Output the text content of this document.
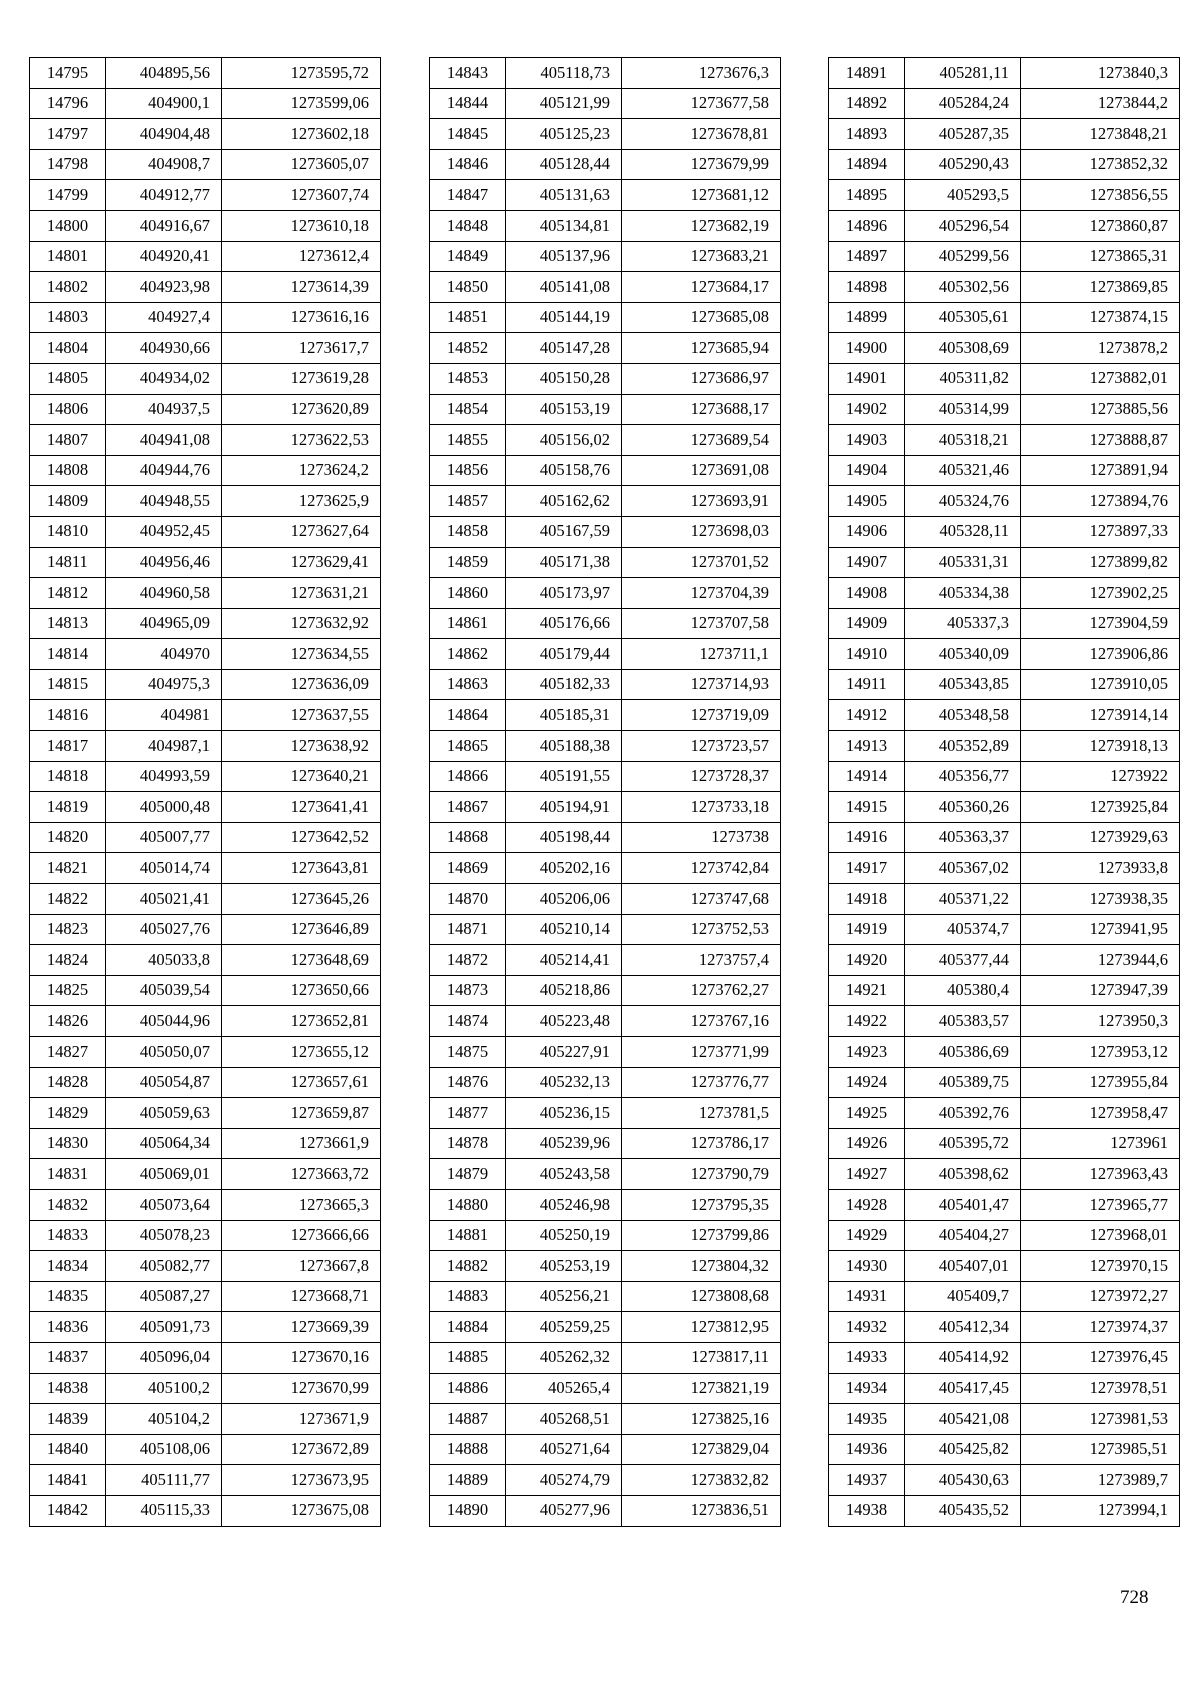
14795	404895,56	1273595,72
14796	404900,1	1273599,06
14797	404904,48	1273602,18
14798	404908,7	1273605,07
14799	404912,77	1273607,74
14800	404916,67	1273610,18
14801	404920,41	1273612,4
14802	404923,98	1273614,39
14803	404927,4	1273616,16
14804	404930,66	1273617,7
14805	404934,02	1273619,28
14806	404937,5	1273620,89
14807	404941,08	1273622,53
14808	404944,76	1273624,2
14809	404948,55	1273625,9
14810	404952,45	1273627,64
14811	404956,46	1273629,41
14812	404960,58	1273631,21
14813	404965,09	1273632,92
14814	404970	1273634,55
14815	404975,3	1273636,09
14816	404981	1273637,55
14817	404987,1	1273638,92
14818	404993,59	1273640,21
14819	405000,48	1273641,41
14820	405007,77	1273642,52
14821	405014,74	1273643,81
14822	405021,41	1273645,26
14823	405027,76	1273646,89
14824	405033,8	1273648,69
14825	405039,54	1273650,66
14826	405044,96	1273652,81
14827	405050,07	1273655,12
14828	405054,87	1273657,61
14829	405059,63	1273659,87
14830	405064,34	1273661,9
14831	405069,01	1273663,72
14832	405073,64	1273665,3
14833	405078,23	1273666,66
14834	405082,77	1273667,8
14835	405087,27	1273668,71
14836	405091,73	1273669,39
14837	405096,04	1273670,16
14838	405100,2	1273670,99
14839	405104,2	1273671,9
14840	405108,06	1273672,89
14841	405111,77	1273673,95
14842	405115,33	1273675,08
14843	405118,73	1273676,3
14844	405121,99	1273677,58
14845	405125,23	1273678,81
14846	405128,44	1273679,99
14847	405131,63	1273681,12
14848	405134,81	1273682,19
14849	405137,96	1273683,21
14850	405141,08	1273684,17
14851	405144,19	1273685,08
14852	405147,28	1273685,94
14853	405150,28	1273686,97
14854	405153,19	1273688,17
14855	405156,02	1273689,54
14856	405158,76	1273691,08
14857	405162,62	1273693,91
14858	405167,59	1273698,03
14859	405171,38	1273701,52
14860	405173,97	1273704,39
14861	405176,66	1273707,58
14862	405179,44	1273711,1
14863	405182,33	1273714,93
14864	405185,31	1273719,09
14865	405188,38	1273723,57
14866	405191,55	1273728,37
14867	405194,91	1273733,18
14868	405198,44	1273738
14869	405202,16	1273742,84
14870	405206,06	1273747,68
14871	405210,14	1273752,53
14872	405214,41	1273757,4
14873	405218,86	1273762,27
14874	405223,48	1273767,16
14875	405227,91	1273771,99
14876	405232,13	1273776,77
14877	405236,15	1273781,5
14878	405239,96	1273786,17
14879	405243,58	1273790,79
14880	405246,98	1273795,35
14881	405250,19	1273799,86
14882	405253,19	1273804,32
14883	405256,21	1273808,68
14884	405259,25	1273812,95
14885	405262,32	1273817,11
14886	405265,4	1273821,19
14887	405268,51	1273825,16
14888	405271,64	1273829,04
14889	405274,79	1273832,82
14890	405277,96	1273836,51
14891	405281,11	1273840,3
14892	405284,24	1273844,2
14893	405287,35	1273848,21
14894	405290,43	1273852,32
14895	405293,5	1273856,55
14896	405296,54	1273860,87
14897	405299,56	1273865,31
14898	405302,56	1273869,85
14899	405305,61	1273874,15
14900	405308,69	1273878,2
14901	405311,82	1273882,01
14902	405314,99	1273885,56
14903	405318,21	1273888,87
14904	405321,46	1273891,94
14905	405324,76	1273894,76
14906	405328,11	1273897,33
14907	405331,31	1273899,82
14908	405334,38	1273902,25
14909	405337,3	1273904,59
14910	405340,09	1273906,86
14911	405343,85	1273910,05
14912	405348,58	1273914,14
14913	405352,89	1273918,13
14914	405356,77	1273922
14915	405360,26	1273925,84
14916	405363,37	1273929,63
14917	405367,02	1273933,8
14918	405371,22	1273938,35
14919	405374,7	1273941,95
14920	405377,44	1273944,6
14921	405380,4	1273947,39
14922	405383,57	1273950,3
14923	405386,69	1273953,12
14924	405389,75	1273955,84
14925	405392,76	1273958,47
14926	405395,72	1273961
14927	405398,62	1273963,43
14928	405401,47	1273965,77
14929	405404,27	1273968,01
14930	405407,01	1273970,15
14931	405409,7	1273972,27
14932	405412,34	1273974,37
14933	405414,92	1273976,45
14934	405417,45	1273978,51
14935	405421,08	1273981,53
14936	405425,82	1273985,51
14937	405430,63	1273989,7
14938	405435,52	1273994,1
728
